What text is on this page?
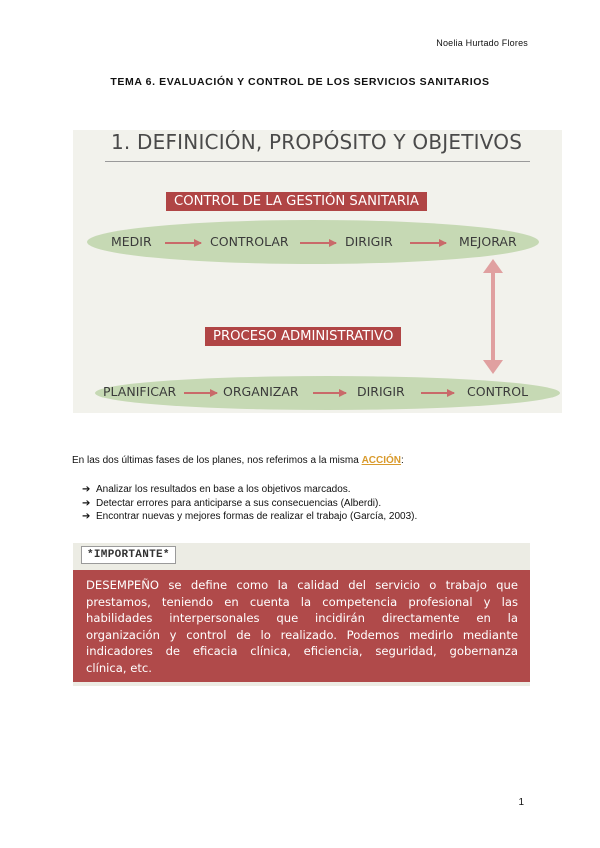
Noelia Hurtado Flores
TEMA 6. EVALUACIÓN Y CONTROL DE LOS SERVICIOS SANITARIOS
1. DEFINICIÓN, PROPÓSITO Y OBJETIVOS
CONTROL DE LA GESTIÓN SANITARIA
MEDIR	CONTROLAR	DIRIGIR	MEJORAR
PROCESO ADMINISTRATIVO
PLANIFICAR	ORGANIZAR	DIRIGIR	CONTROL

En las dos últimas fases de los planes, nos referimos a la misma ACCIÓN:

➔ Analizar los resultados en base a los objetivos marcados.
➔ Detectar errores para anticiparse a sus consecuencias (Alberdi).
➔ Encontrar nuevas y mejores formas de realizar el trabajo (García, 2003).
*IMPORTANTE*
DESEMPEÑO se define como la calidad del servicio o trabajo que
prestamos, teniendo en cuenta la competencia profesional y las
habilidades interpersonales que incidirán directamente en la
organización y control de lo realizado. Podemos medirlo mediante
indicadores de eficacia clínica, eficiencia, seguridad, gobernanza
clínica, etc.
1
